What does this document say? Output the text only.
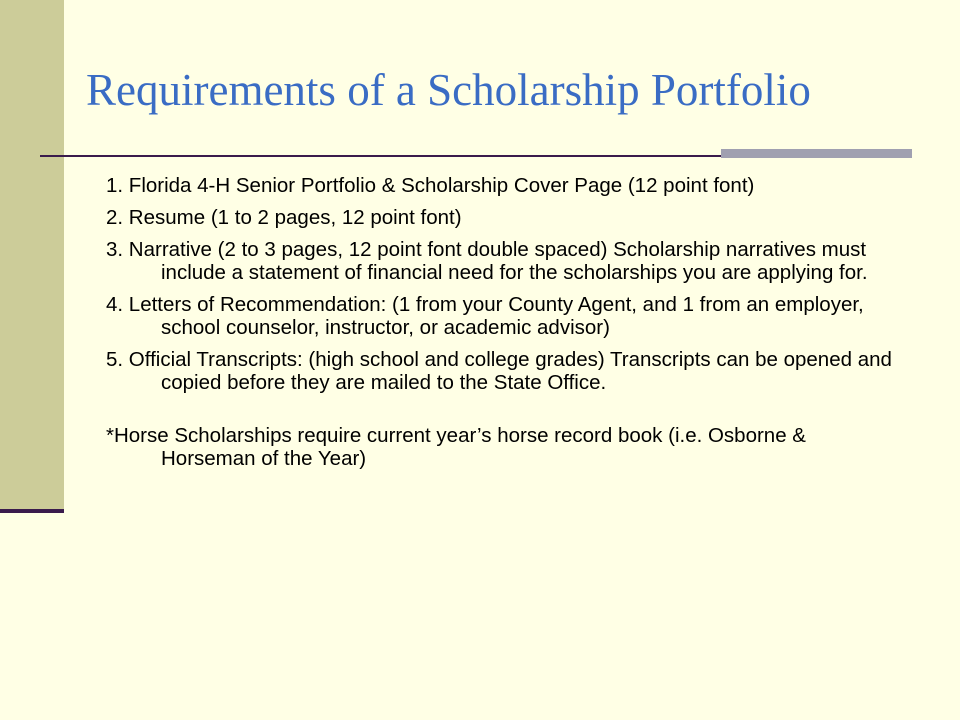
Requirements of a Scholarship Portfolio
1. Florida 4-H Senior Portfolio & Scholarship Cover Page (12 point font)
2. Resume (1 to 2 pages, 12 point font)
3. Narrative (2 to 3 pages, 12 point font double spaced) Scholarship narratives must include a statement of financial need for the scholarships you are applying for.
4. Letters of Recommendation: (1 from your County Agent, and 1 from an employer, school counselor, instructor, or academic advisor)
5. Official Transcripts: (high school and college grades) Transcripts can be opened and copied before they are mailed to the State Office.
*Horse Scholarships require current year’s horse record book (i.e. Osborne & Horseman of the Year)
